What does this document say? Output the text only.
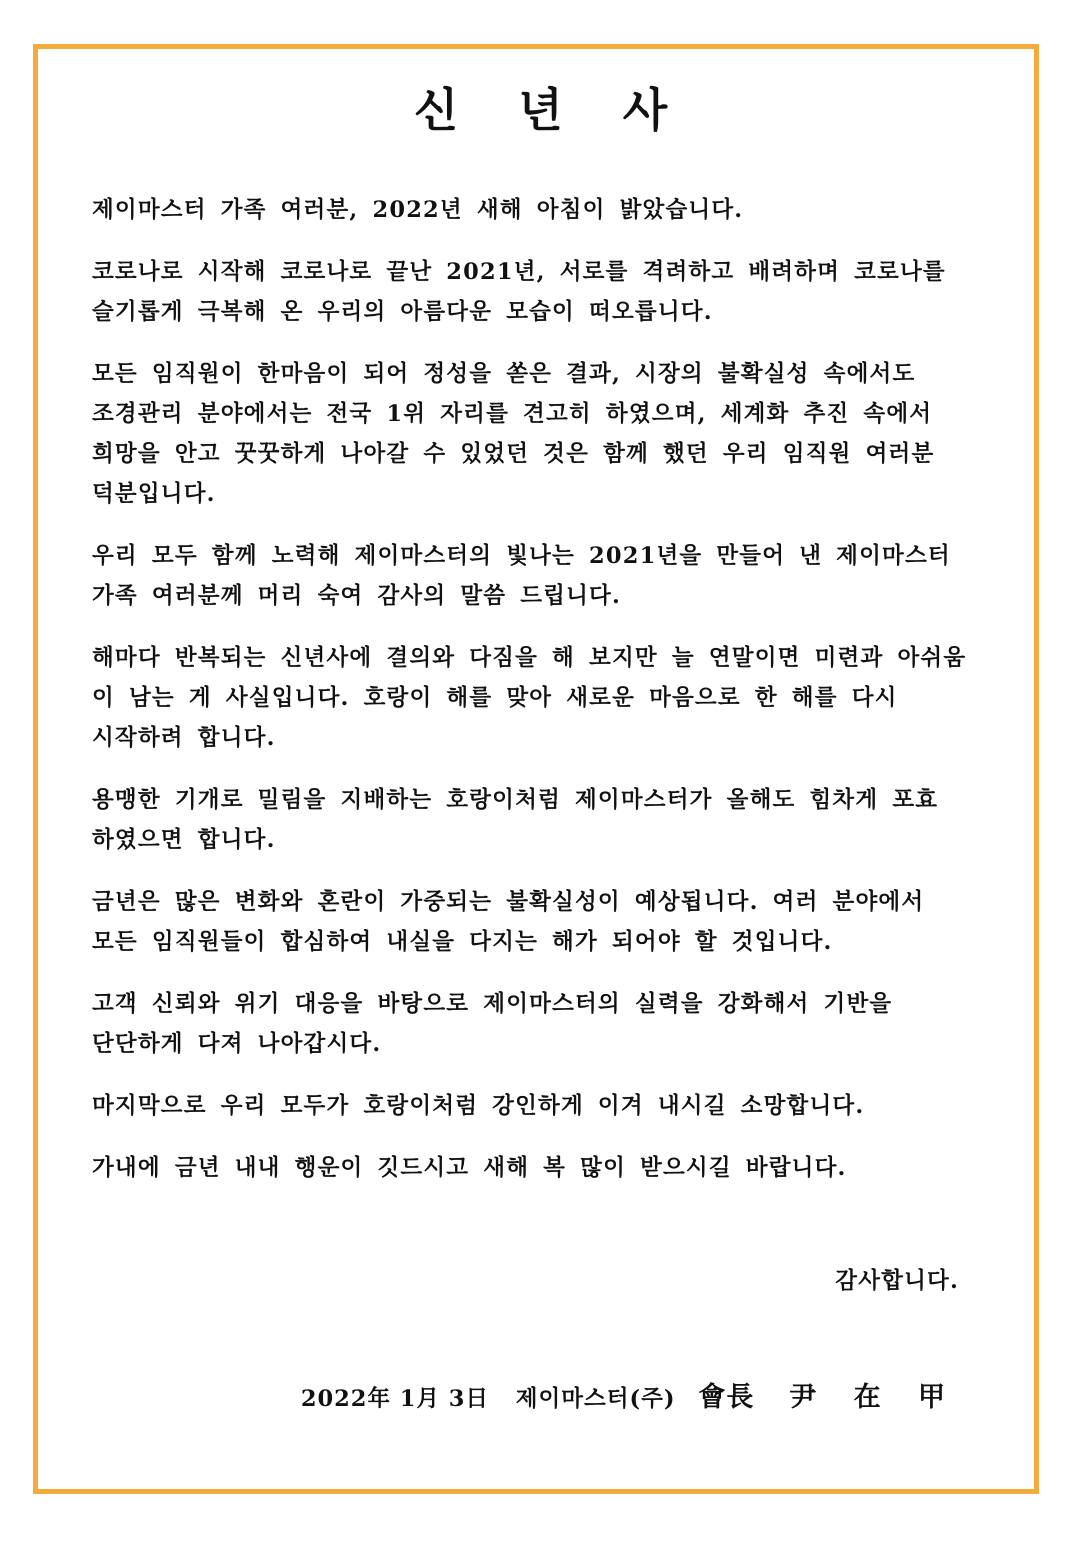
신 년 사

제이마스터 가족 여러분, 2022년 새해 아침이 밝았습니다.

코로나로 시작해 코로나로 끝난 2021년, 서로를 격려하고 배려하며 코로나를
슬기롭게 극복해 온 우리의 아름다운 모습이 떠오릅니다.

모든 임직원이 한마음이 되어 정성을 쏟은 결과, 시장의 불확실성 속에서도
조경관리 분야에서는 전국 1위 자리를 견고히 하였으며, 세계화 추진 속에서
희망을 안고 꿋꿋하게 나아갈 수 있었던 것은 함께 했던 우리 임직원 여러분
덕분입니다.

우리 모두 함께 노력해 제이마스터의 빛나는 2021년을 만들어 낸 제이마스터
가족 여러분께 머리 숙여 감사의 말씀 드립니다.

해마다 반복되는 신년사에 결의와 다짐을 해 보지만 늘 연말이면 미련과 아쉬움
이 남는 게 사실입니다. 호랑이 해를 맞아 새로운 마음으로 한 해를 다시
시작하려 합니다.

용맹한 기개로 밀림을 지배하는 호랑이처럼 제이마스터가 올해도 힘차게 포효
하였으면 합니다.

금년은 많은 변화와 혼란이 가중되는 불확실성이 예상됩니다. 여러 분야에서
모든 임직원들이 합심하여 내실을 다지는 해가 되어야 할 것입니다.

고객 신뢰와 위기 대응을 바탕으로 제이마스터의 실력을 강화해서 기반을
단단하게 다져 나아갑시다.

마지막으로 우리 모두가 호랑이처럼 강인하게 이겨 내시길 소망합니다.

가내에 금년 내내 행운이 깃드시고 새해 복 많이 받으시길 바랍니다.

감사합니다.
2022年 1月 3日 제이마스터(주) 會長 尹 在 甲
